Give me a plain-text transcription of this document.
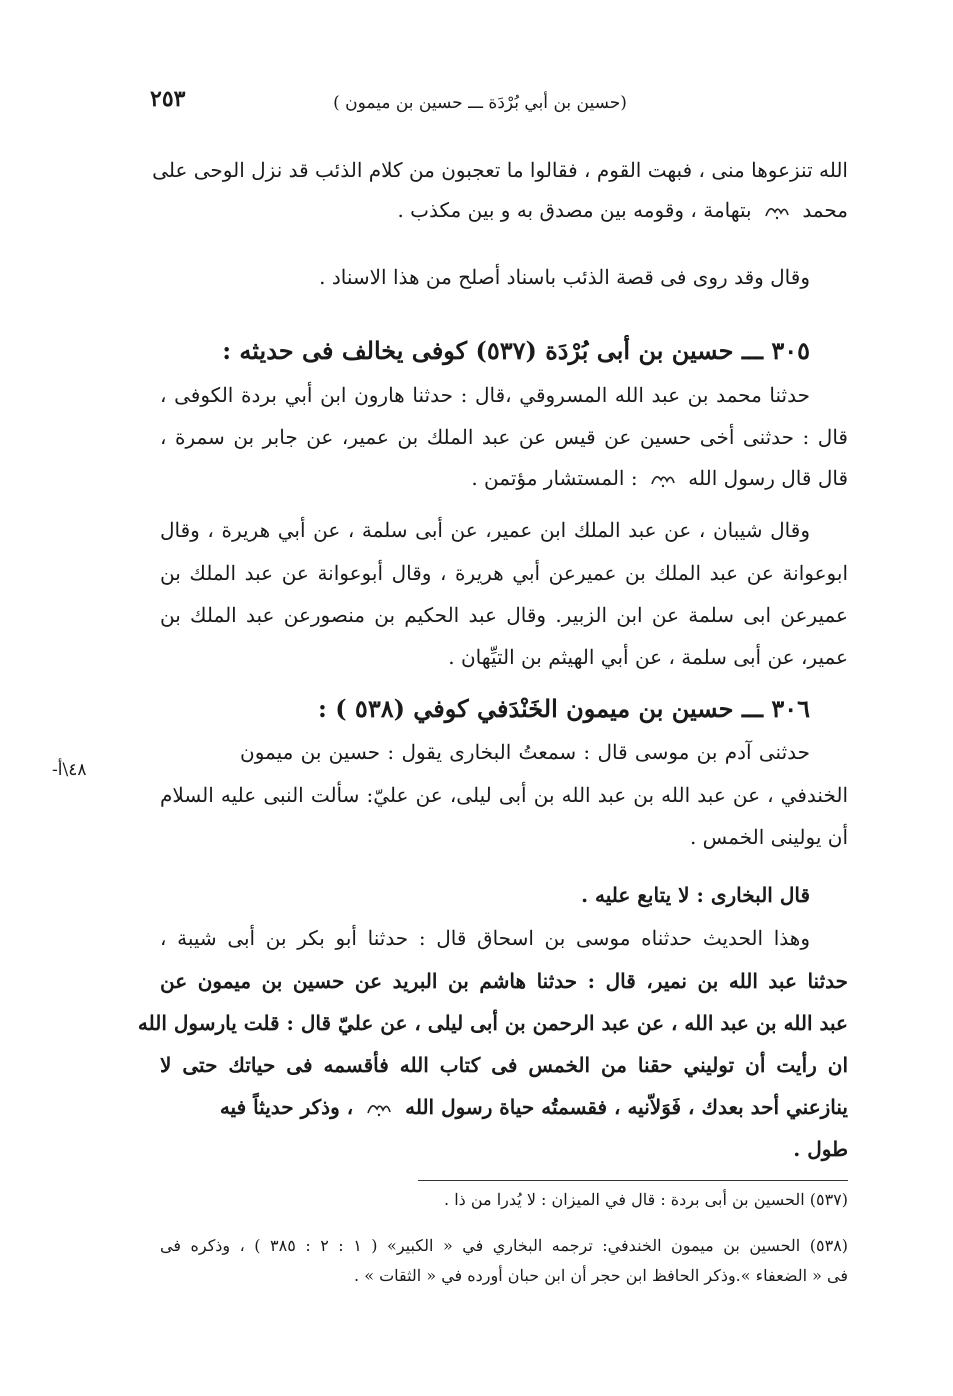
٢٥٣	(حسين بن أبي بُرْدَة ـــ حسين بن ميمون )
٤٨\أ-
الله تنزعوها منى ، فبهت القوم ، فقالوا ما تعجبون من كلام الذئب قد نزل الوحى على
محمد  بتهامة ، وقومه بين مصدق به و بين مكذب .
وقال وقد روى فى قصة الذئب باسناد أصلح من هذا الاسناد .
٣٠٥ ـــ حسين بن أبى بُرْدَة (٥٣٧) كوفى يخالف فى حديثه :
حدثنا محمد بن عبد الله المسروقي ،قال : حدثنا هارون ابن أبي بردة الكوفى ،
قال : حدثنى أخى حسين عن قيس عن عبد الملك بن عمير، عن جابر بن سمرة ،
قال قال رسول الله  : المستشار مؤتمن .
وقال شيبان ، عن عبد الملك ابن عمير، عن أبى سلمة ، عن أبي هريرة ، وقال
ابوعوانة عن عبد الملك بن عميرعن أبي هريرة ، وقال أبوعوانة عن عبد الملك بن
عميرعن ابى سلمة عن ابن الزبير. وقال عبد الحكيم بن منصورعن عبد الملك بن
عمير، عن أبى سلمة ، عن أبي الهيثم بن التيِّهان .
٣٠٦ ـــ حسين بن ميمون الخَنْدَفي كوفي (٥٣٨ ) :
حدثنى آدم بن موسى قال : سمعتُ البخارى يقول : حسين بن ميمون
الخندفي ، عن عبد الله بن عبد الله بن أبى ليلى، عن عليّ: سألت النبى عليه السلام
أن يولينى الخمس .
قال البخارى : لا يتابع عليه .
وهذا الحديث حدثناه موسى بن اسحاق قال : حدثنا أبو بكر بن أبى شيبة ،
حدثنا عبد الله بن نمير، قال : حدثنا هاشم بن البريد عن حسين بن ميمون عن
عبد الله بن عبد الله ، عن عبد الرحمن بن أبى ليلى ، عن عليّ قال : قلت يارسول الله
ان رأيت أن توليني حقنا من الخمس فى كتاب الله فأقسمه فى حياتك حتى لا
ينازعني أحد بعدك ، فَوَلاّنيه ، فقسمتُه حياة رسول الله  ، وذكر حديثاً فيه
طول .
(٥٣٧) الحسين بن أبى بردة : قال في الميزان : لا يُدرا من ذا .
(٥٣٨) الحسين بن ميمون الخندفي: ترجمه البخاري في « الكبير» ( ١ : ٢ : ٣٨٥ ) ، وذكره فى
فى « الضعفاء ».وذكر الحافظ ابن حجر أن ابن حبان أورده في « الثقات » .
